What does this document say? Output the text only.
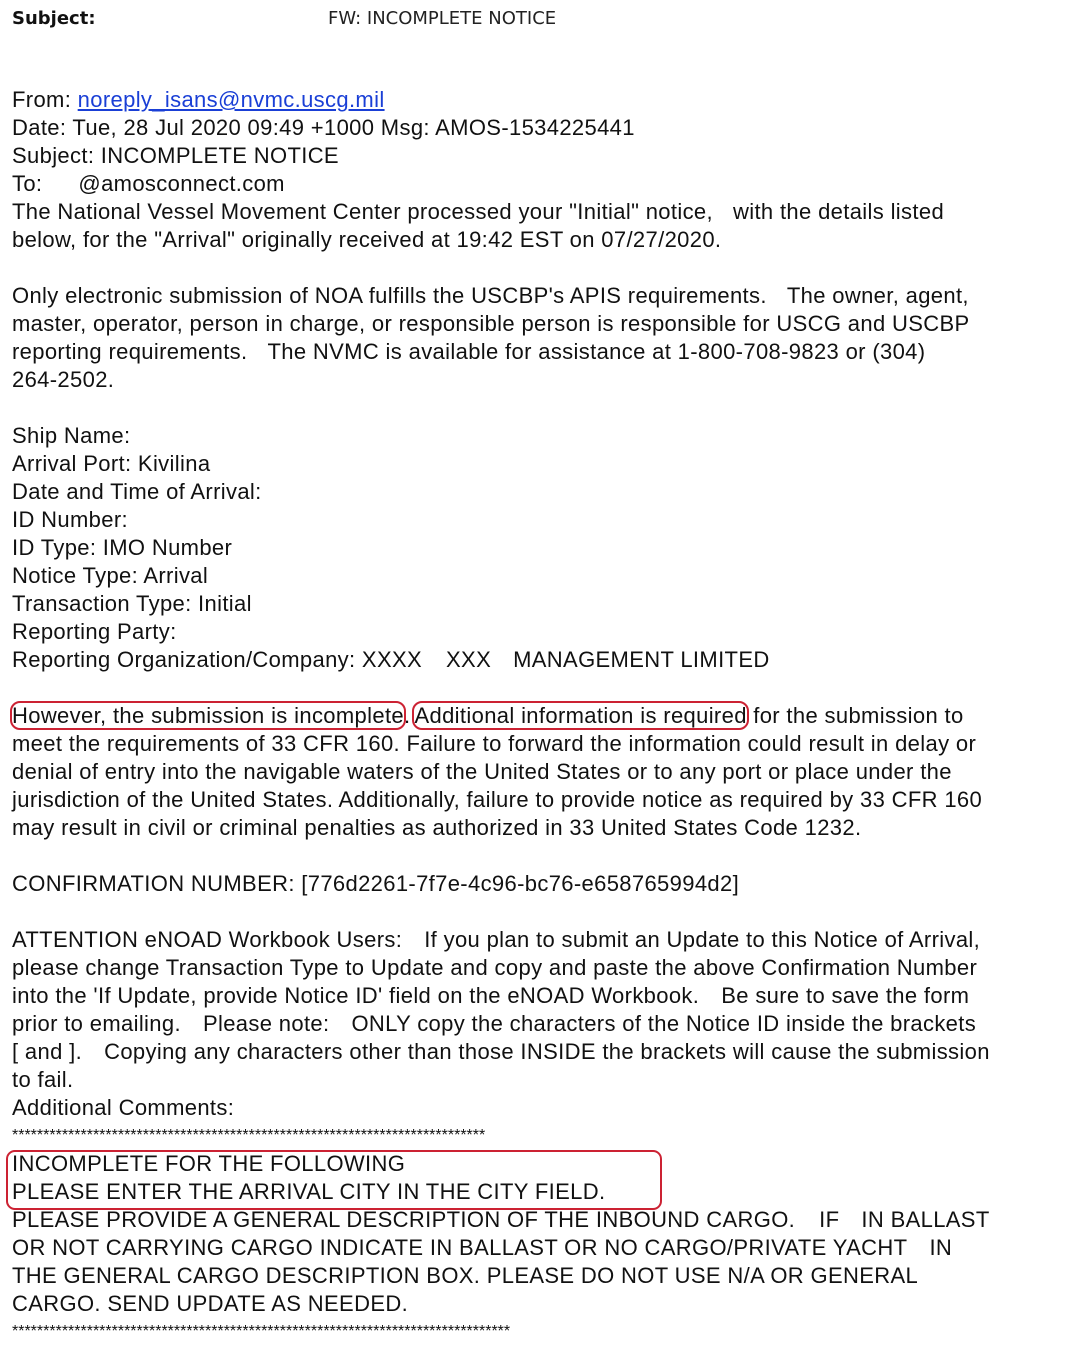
Subject:	FW: INCOMPLETE NOTICE
From: noreply_isans@nvmc.uscg.mil
Date: Tue, 28 Jul 2020 09:49 +1000 Msg: AMOS-1534225441
Subject: INCOMPLETE NOTICE
To: @amosconnect.com
The National Vessel Movement Center processed your "Initial" notice, with the details listed
below, for the "Arrival" originally received at 19:42 EST on 07/27/2020.
Only electronic submission of NOA fulfills the USCBP's APIS requirements. The owner, agent,
master, operator, person in charge, or responsible person is responsible for USCG and USCBP
reporting requirements. The NVMC is available for assistance at 1-800-708-9823 or (304)
264-2502.
Ship Name:
Arrival Port: Kivilina
Date and Time of Arrival:
ID Number:
ID Type: IMO Number
Notice Type: Arrival
Transaction Type: Initial
Reporting Party:
Reporting Organization/Company: XXXX XXX MANAGEMENT LIMITED
However, the submission is incomplete. Additional information is required for the submission to
meet the requirements of 33 CFR 160. Failure to forward the information could result in delay or
denial of entry into the navigable waters of the United States or to any port or place under the
jurisdiction of the United States. Additionally, failure to provide notice as required by 33 CFR 160
may result in civil or criminal penalties as authorized in 33 United States Code 1232.
CONFIRMATION NUMBER: [776d2261-7f7e-4c96-bc76-e658765994d2]
ATTENTION eNOAD Workbook Users: If you plan to submit an Update to this Notice of Arrival,
please change Transaction Type to Update and copy and paste the above Confirmation Number
into the 'If Update, provide Notice ID' field on the eNOAD Workbook. Be sure to save the form
prior to emailing. Please note: ONLY copy the characters of the Notice ID inside the brackets
[ and ]. Copying any characters other than those INSIDE the brackets will cause the submission
to fail.
Additional Comments:
****************************************************************************
INCOMPLETE FOR THE FOLLOWING
PLEASE ENTER THE ARRIVAL CITY IN THE CITY FIELD.
PLEASE PROVIDE A GENERAL DESCRIPTION OF THE INBOUND CARGO. IF IN BALLAST
OR NOT CARRYING CARGO INDICATE IN BALLAST OR NO CARGO/PRIVATE YACHT IN
THE GENERAL CARGO DESCRIPTION BOX. PLEASE DO NOT USE N/A OR GENERAL
CARGO. SEND UPDATE AS NEEDED.
********************************************************************************
